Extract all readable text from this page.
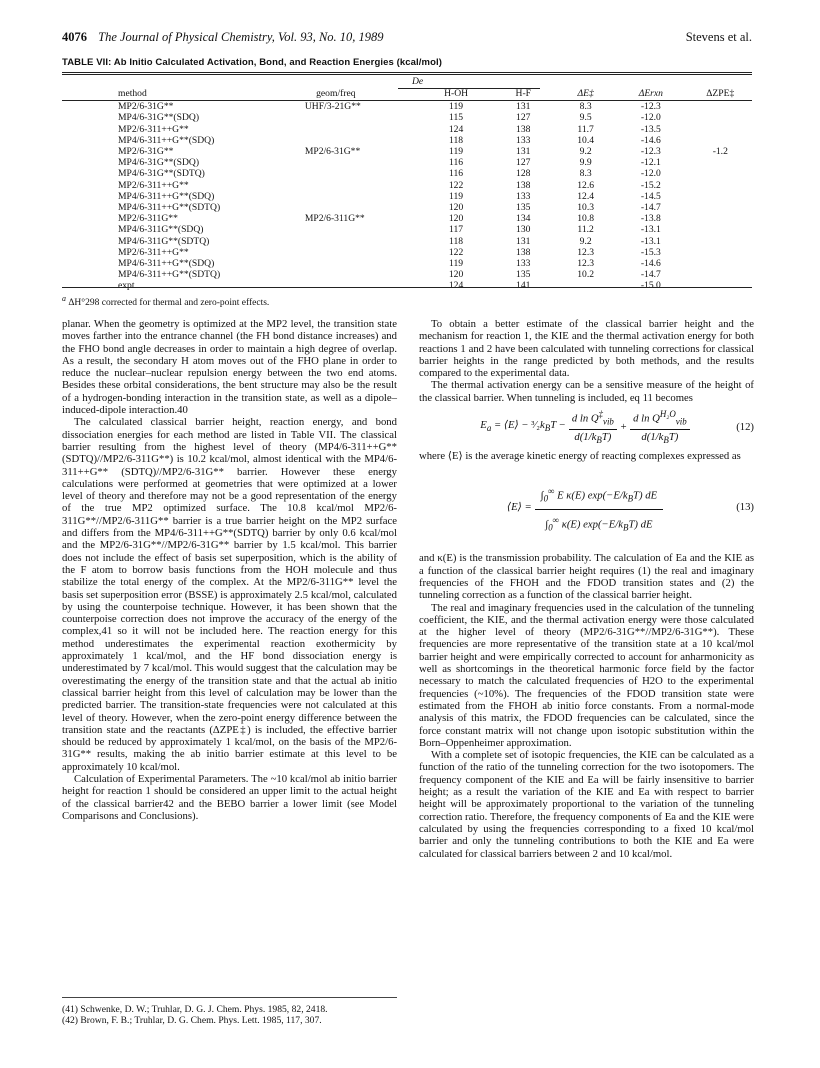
4076 The Journal of Physical Chemistry, Vol. 93, No. 10, 1989	Stevens et al.
TABLE VII: Ab Initio Calculated Activation, Bond, and Reaction Energies (kcal/mol)
De
method	geom/freq	H-OH	H-F	ΔE‡	ΔErxn	ΔZPE‡

MP2/6-31G**	UHF/3-21G**	119	131	8.3	-12.3	
MP4/6-31G**(SDQ)		115	127	9.5	-12.0	
MP2/6-311++G**		124	138	11.7	-13.5	
MP4/6-311++G**(SDQ)		118	133	10.4	-14.6	
MP2/6-31G**	MP2/6-31G**	119	131	9.2	-12.3	-1.2
MP4/6-31G**(SDQ)		116	127	9.9	-12.1	
MP4/6-31G**(SDTQ)		116	128	8.3	-12.0	
MP2/6-311++G**		122	138	12.6	-15.2	
MP4/6-311++G**(SDQ)		119	133	12.4	-14.5	
MP4/6-311++G**(SDTQ)		120	135	10.3	-14.7	
MP2/6-311G**	MP2/6-311G**	120	134	10.8	-13.8	
MP4/6-311G**(SDQ)		117	130	11.2	-13.1	
MP4/6-311G**(SDTQ)		118	131	9.2	-13.1	
MP2/6-311++G**		122	138	12.3	-15.3	
MP4/6-311++G**(SDQ)		119	133	12.3	-14.6	
MP4/6-311++G**(SDTQ)		120	135	10.2	-14.7	
expt		124	141		-15.0	
$^a$ ΔH°298 corrected for thermal and zero-point effects.

planar. When the geometry is optimized at the MP2 level, the transition state moves farther into the entrance channel (the FH bond distance increases) and the FHO bond angle decreases in order to maintain a high degree of overlap. As a result, the secondary H atom moves out of the FHO plane in order to reduce the nuclear–nuclear repulsion energy between the two end atoms. Besides these orbital considerations, the bent structure may also be the result of a hydrogen-bonding interaction in the transition state, as well as a dipole–induced-dipole interaction.40

The calculated classical barrier height, reaction energy, and bond dissociation energies for each method are listed in Table VII. The classical barrier resulting from the highest level of theory (MP4/6-311++G**(SDTQ)//MP2/6-311G**) is 10.2 kcal/mol, almost identical with the MP4/6-311++G** (SDTQ)//MP2/6-31G** barrier. However these energy calculations were performed at geometries that were optimized at a lower level of theory and therefore may not be a good representation of the energy of the true MP2 optimized surface. The 10.8 kcal/mol MP2/6-311G**//MP2/6-311G** barrier is a true barrier height on the MP2 surface and differs from the MP4/6-311++G**(SDTQ) barrier by only 0.6 kcal/mol and the MP2/6-31G**//MP2/6-31G** barrier by 1.5 kcal/mol. This barrier does not include the effect of basis set superposition, which is the ability of the F atom to borrow basis functions from the HOH molecule and thus stabilize the total energy of the complex. At the MP2/6-311G** level the basis set superposition error (BSSE) is approximately 2.5 kcal/mol, calculated by using the counterpoise technique. However, it has been shown that the counterpoise correction does not improve the accuracy of the energy of the complex,41 so it will not be included here. The reaction energy for this method underestimates the experimental reaction exothermicity by approximately 1 kcal/mol, and the HF bond dissociation energy is underestimated by 7 kcal/mol. This would suggest that the calculation may be overestimating the energy of the transition state and that the actual ab initio classical barrier height from this level of calculation may be lower than the predicted barrier. The transition-state frequencies were not calculated at this level of theory. However, when the zero-point energy difference between the transition state and the reactants (ΔZPE‡) is included, the effective barrier should be reduced by approximately 1 kcal/mol, on the basis of the MP2/6-31G** results, making the ab initio barrier estimate at this level to be approximately 10 kcal/mol.

Calculation of Experimental Parameters. The ~10 kcal/mol ab initio barrier height for reaction 1 should be considered an upper limit to the actual height of the classical barrier42 and the BEBO barrier a lower limit (see Model Comparisons and Conclusions).

(41) Schwenke, D. W.; Truhlar, D. G. J. Chem. Phys. 1985, 82, 2418.
(42) Brown, F. B.; Truhlar, D. G. Chem. Phys. Lett. 1985, 117, 307.

To obtain a better estimate of the classical barrier height and the mechanism for reaction 1, the KIE and the thermal activation energy for both reactions 1 and 2 have been calculated with tunneling corrections for classical barrier heights in the range predicted by both methods, and the results compared to the experimental data.

The thermal activation energy can be a sensitive measure of the height of the classical barrier. When tunneling is included, eq 11 becomes

$E_a$ = ⟨E⟩ − $^3⁄_2k_BT - \frac{d \ln Q^\ddagger_{vib}}{d(1/k_BT)} + \frac{d \ln Q^{H_2O}_{vib}}{d(1/k_BT)}$	(12)

where ⟨E⟩ is the average kinetic energy of reacting complexes expressed as

⟨E⟩ = $\frac{\int_0^\infty E \kappa(E) \exp(-E/k_BT) dE}{\int_0^\infty \kappa(E) \exp(-E/k_BT) dE}$	(13)

and κ(E) is the transmission probability. The calculation of Ea and the KIE as a function of the classical barrier height requires (1) the real and imaginary frequencies of the FHOH and the FDOD transition states and (2) the tunneling correction as a function of the classical barrier height.

The real and imaginary frequencies used in the calculation of the tunneling coefficient, the KIE, and the thermal activation energy were those calculated at the higher level of theory (MP2/6-31G**//MP2/6-31G**). These frequencies are more representative of the transition state at a 10 kcal/mol barrier height and were empirically corrected to account for anharmonicity as well as shortcomings in the theoretical harmonic force field by the factor necessary to match the calculated frequencies of H2O to the experimental frequencies (~10%). The frequencies of the FDOD transition state were estimated from the FHOH ab initio force constants. From a normal-mode analysis of this matrix, the FDOD frequencies can be calculated, since the force constant matrix will not change upon isotopic substitution within the Born–Oppenheimer approximation.

With a complete set of isotopic frequencies, the KIE can be calculated as a function of the ratio of the tunneling correction for the two isotopomers. The frequency component of the KIE and Ea will be fairly insensitive to barrier height; as a result the variation of the KIE and Ea with respect to barrier height will be approximately proportional to the variation of the tunneling correction ratio. Therefore, the frequency components of Ea and the KIE were calculated by using the frequencies corresponding to a fixed 10 kcal/mol barrier and only the tunneling contributions to both the KIE and Ea were calculated for classical barriers between 2 and 10 kcal/mol.
